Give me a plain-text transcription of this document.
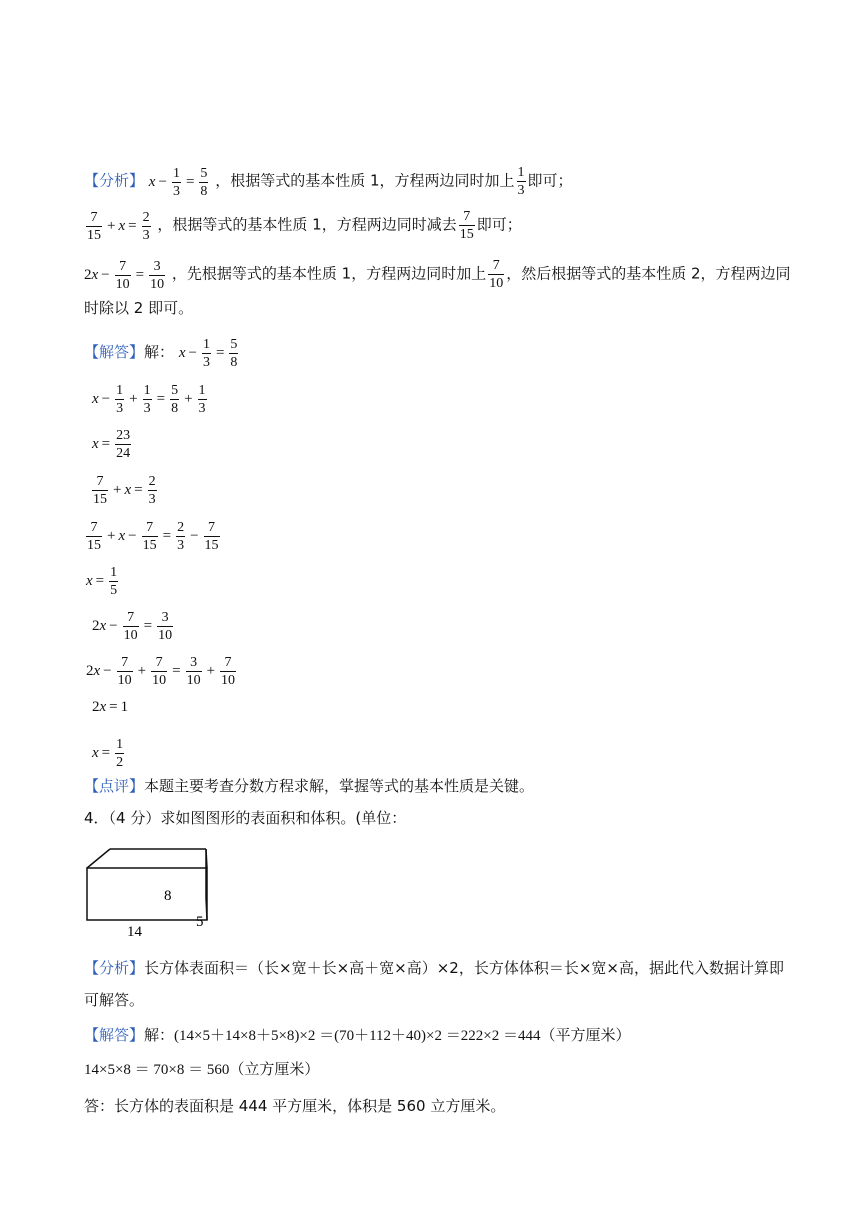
【分析】 $x - \frac{1}{3} = \frac{5}{8}$ ，根据等式的基本性质 1，方程两边同时加上 $\frac{1}{3}$ 即可；
$\frac{7}{15} + x = \frac{2}{3}$ ，根据等式的基本性质 1，方程两边同时减去 $\frac{7}{15}$ 即可；
$2x - \frac{7}{10} = \frac{3}{10}$ ，先根据等式的基本性质 1，方程两边同时加上 $\frac{7}{10}$ ，然后根据等式的基本性质 2，方程两边同
时除以 2 即可。
【解答】解： $x - \frac{1}{3} = \frac{5}{8}$
$x - \frac{1}{3} + \frac{1}{3} = \frac{5}{8} + \frac{1}{3}$
$x = \frac{23}{24}$
$\frac{7}{15} + x = \frac{2}{3}$
$\frac{7}{15} + x - \frac{7}{15} = \frac{2}{3} - \frac{7}{15}$
$x = \frac{1}{5}$
$2x - \frac{7}{10} = \frac{3}{10}$
$2x - \frac{7}{10} + \frac{7}{10} = \frac{3}{10} + \frac{7}{10}$
2x = 1
$x = \frac{1}{2}$
【点评】本题主要考查分数方程求解，掌握等式的基本性质是关键。
4．（4 分）求如图图形的表面积和体积。(单位：
8
14
5
【分析】长方体表面积＝（长×宽＋长×高＋宽×高）×2，长方体体积＝长×宽×高，据此代入数据计算即
可解答。
【解答】解：(14×5＋14×8＋5×8)×2 ＝(70＋112＋40)×2 ＝222×2 ＝444（平方厘米）
14×5×8 ＝ 70×8 ＝ 560（立方厘米）
答：长方体的表面积是 444 平方厘米，体积是 560 立方厘米。
